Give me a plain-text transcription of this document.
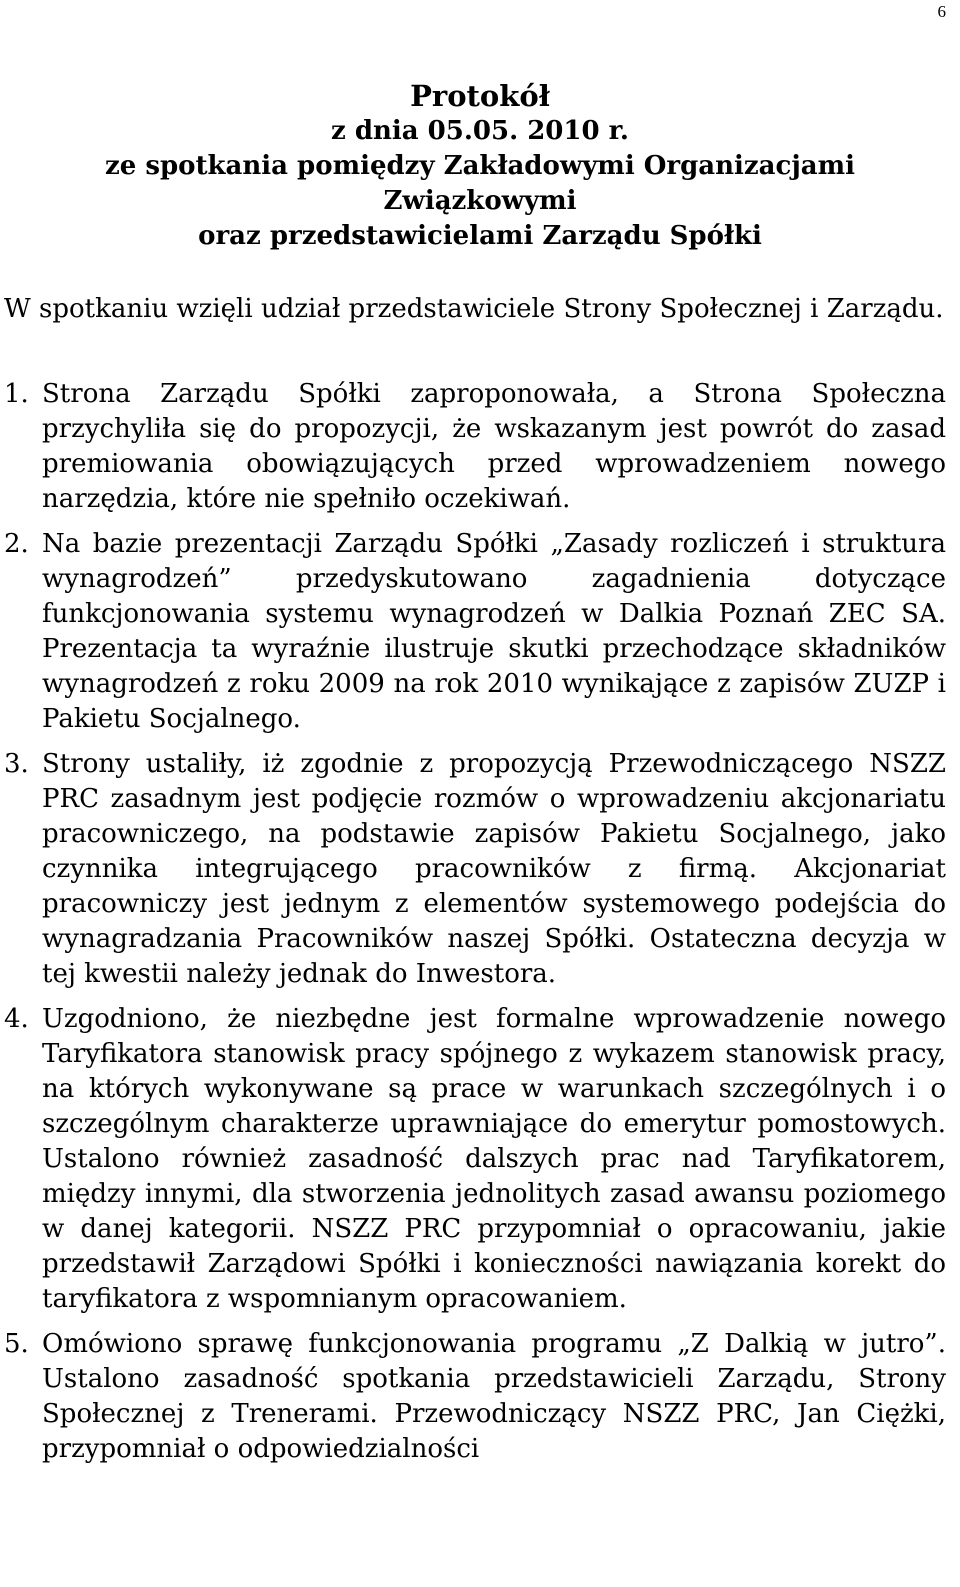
6
Protokół
z dnia 05.05. 2010 r.
ze spotkania pomiędzy Zakładowymi Organizacjami
Związkowymi
oraz przedstawicielami Zarządu Spółki

W spotkaniu wzięli udział przedstawiciele Strony Społecznej i Zarządu.

1. Strona Zarządu Spółki zaproponowała, a Strona Społeczna przychyliła się do propozycji, że wskazanym jest powrót do zasad premiowania obowiązujących przed wprowadzeniem nowego narzędzia, które nie spełniło oczekiwań.

2. Na bazie prezentacji Zarządu Spółki „Zasady rozliczeń i struktura wynagrodzeń” przedyskutowano zagadnienia dotyczące funkcjonowania systemu wynagrodzeń w Dalkia Poznań ZEC SA. Prezentacja ta wyraźnie ilustruje skutki przechodzące składników wynagrodzeń z roku 2009 na rok 2010 wynikające z zapisów ZUZP i Pakietu Socjalnego.

3. Strony ustaliły, iż zgodnie z propozycją Przewodniczącego NSZZ PRC zasadnym jest podjęcie rozmów o wprowadzeniu akcjonariatu pracowniczego, na podstawie zapisów Pakietu Socjalnego, jako czynnika integrującego pracowników z firmą. Akcjonariat pracowniczy jest jednym z elementów systemowego podejścia do wynagradzania Pracowników naszej Spółki. Ostateczna decyzja w tej kwestii należy jednak do Inwestora.

4. Uzgodniono, że niezbędne jest formalne wprowadzenie nowego Taryfikatora stanowisk pracy spójnego z wykazem stanowisk pracy, na których wykonywane są prace w warunkach szczególnych i o szczególnym charakterze uprawniające do emerytur pomostowych. Ustalono również zasadność dalszych prac nad Taryfikatorem, między innymi, dla stworzenia jednolitych zasad awansu poziomego w danej kategorii. NSZZ PRC przypomniał o opracowaniu, jakie przedstawił Zarządowi Spółki i konieczności nawiązania korekt do taryfikatora z wspomnianym opracowaniem.

5. Omówiono sprawę funkcjonowania programu „Z Dalkią w jutro”. Ustalono zasadność spotkania przedstawicieli Zarządu, Strony Społecznej z Trenerami. Przewodniczący NSZZ PRC, Jan Ciężki, przypomniał o odpowiedzialności
